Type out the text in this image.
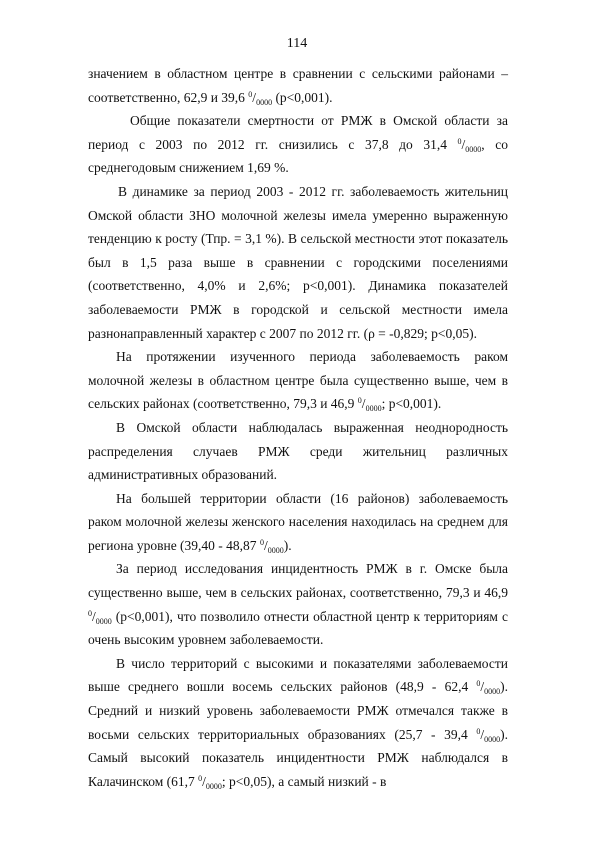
114

значением в областном центре в сравнении с сельскими районами – соответственно, 62,9 и 39,6 $^0/_{0000}$ (p<0,001).

Общие показатели смертности от РМЖ в Омской области за период с 2003 по 2012 гг. снизились с 37,8 до 31,4 $^0/_{0000}$, со среднегодовым снижением 1,69 %.

В динамике за период 2003 - 2012 гг. заболеваемость жительниц Омской области ЗНО молочной железы имела умеренно выраженную тенденцию к росту (Тпр. = 3,1 %). В сельской местности этот показатель был в 1,5 раза выше в сравнении с городскими поселениями (соответственно, 4,0% и 2,6%; p<0,001). Динамика показателей заболеваемости РМЖ в городской и сельской местности имела разнонаправленный характер с 2007 по 2012 гг. (ρ = -0,829; p<0,05).

На протяжении изученного периода заболеваемость раком молочной железы в областном центре была существенно выше, чем в сельских районах (соответственно, 79,3 и 46,9 $^0/_{0000}$; p<0,001).

В Омской области наблюдалась выраженная неоднородность распределения случаев РМЖ среди жительниц различных административных образований.

На большей территории области (16 районов) заболеваемость раком молочной железы женского населения находилась на среднем для региона уровне (39,40 - 48,87 $^0/_{0000}$).

За период исследования инцидентность РМЖ в г. Омске была существенно выше, чем в сельских районах, соответственно, 79,3 и 46,9 $^0/_{0000}$ (p<0,001), что позволило отнести областной центр к территориям с очень высоким уровнем заболеваемости.

В число территорий с высокими и показателями заболеваемости выше среднего вошли восемь сельских районов (48,9 - 62,4 $^0/_{0000}$). Средний и низкий уровень заболеваемости РМЖ отмечался также в восьми сельских территориальных образованиях (25,7 - 39,4 $^0/_{0000}$). Самый высокий показатель инцидентности РМЖ наблюдался в Калачинском (61,7 $^0/_{0000}$; p<0,05), а самый низкий - в
